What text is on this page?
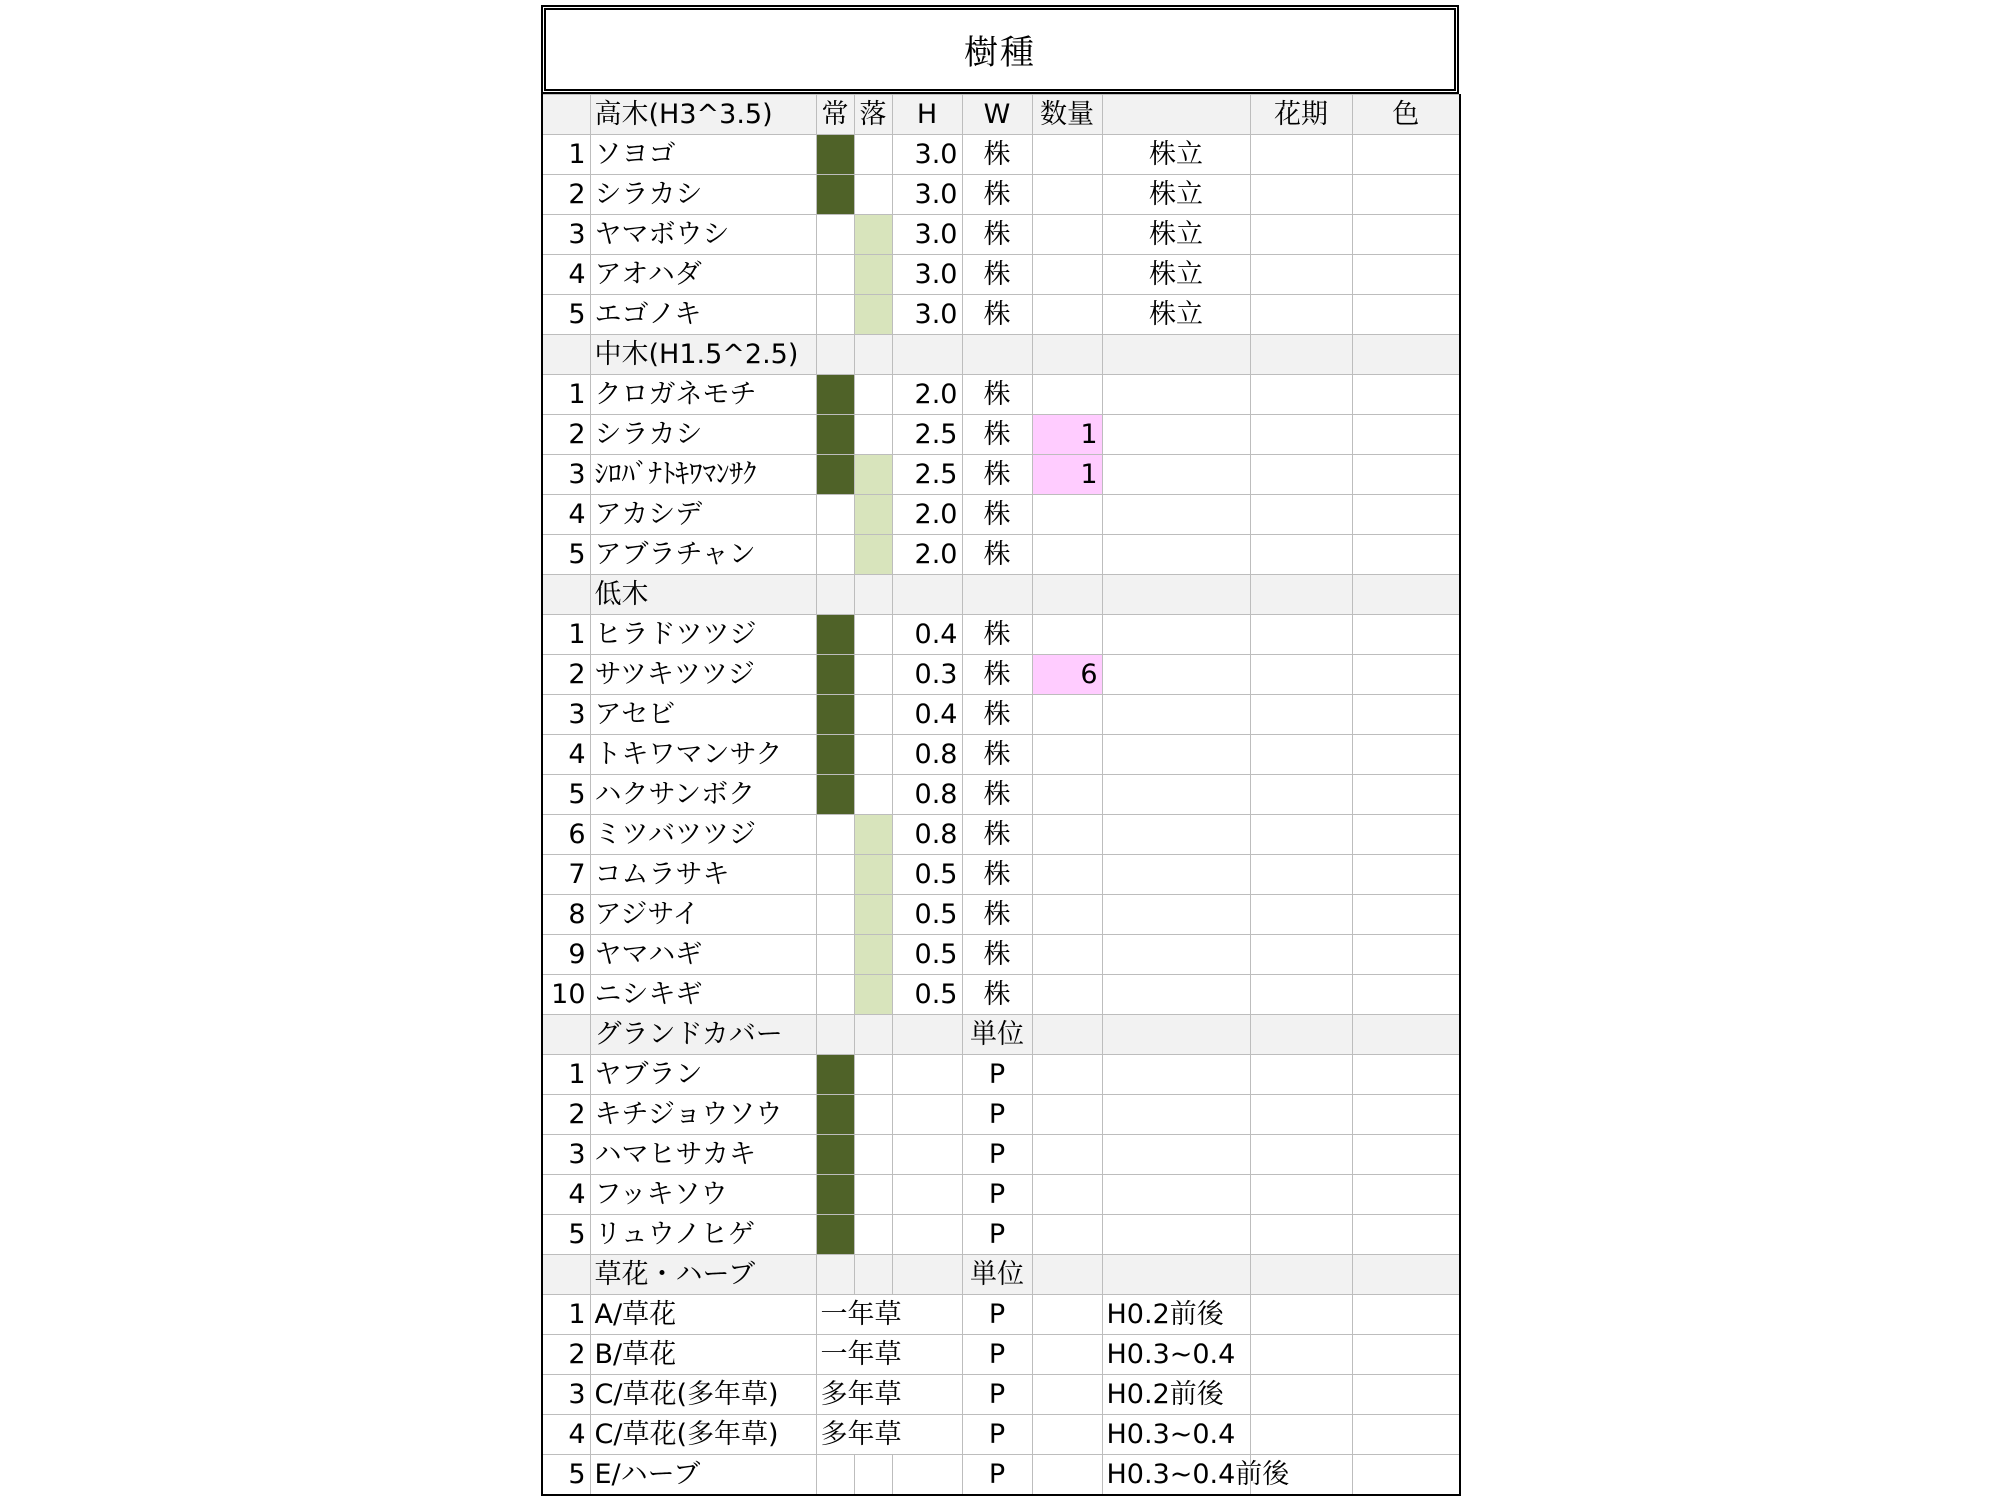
樹種
	高木(H3^3.5)	常	落	H	W	数量		花期	色
1	ソヨゴ			3.0	株		株立		
2	シラカシ			3.0	株		株立		
3	ヤマボウシ			3.0	株		株立		
4	アオハダ			3.0	株		株立		
5	エゴノキ			3.0	株		株立		
	中木(H1.5^2.5)								
1	クロガネモチ			2.0	株				
2	シラカシ			2.5	株	1			
3	ｼﾛﾊﾞﾅﾄｷﾜﾏﾝｻｸ			2.5	株	1			
4	アカシデ			2.0	株				
5	アブラチャン			2.0	株				
	低木								
1	ヒラドツツジ			0.4	株				
2	サツキツツジ			0.3	株	6			
3	アセビ			0.4	株				
4	トキワマンサク			0.8	株				
5	ハクサンボク			0.8	株				
6	ミツバツツジ			0.8	株				
7	コムラサキ			0.5	株				
8	アジサイ			0.5	株				
9	ヤマハギ			0.5	株				
10	ニシキギ			0.5	株				
	グランドカバー				単位				
1	ヤブラン				P				
2	キチジョウソウ				P				
3	ハマヒサカキ				P				
4	フッキソウ				P				
5	リュウノヒゲ				P				
	草花・ハーブ				単位				
1	A/草花	一年草			P		H0.2前後		
2	B/草花	一年草			P		H0.3~0.4		
3	C/草花(多年草)	多年草			P		H0.2前後		
4	C/草花(多年草)	多年草			P		H0.3~0.4		
5	E/ハーブ				P		H0.3~0.4前後		
